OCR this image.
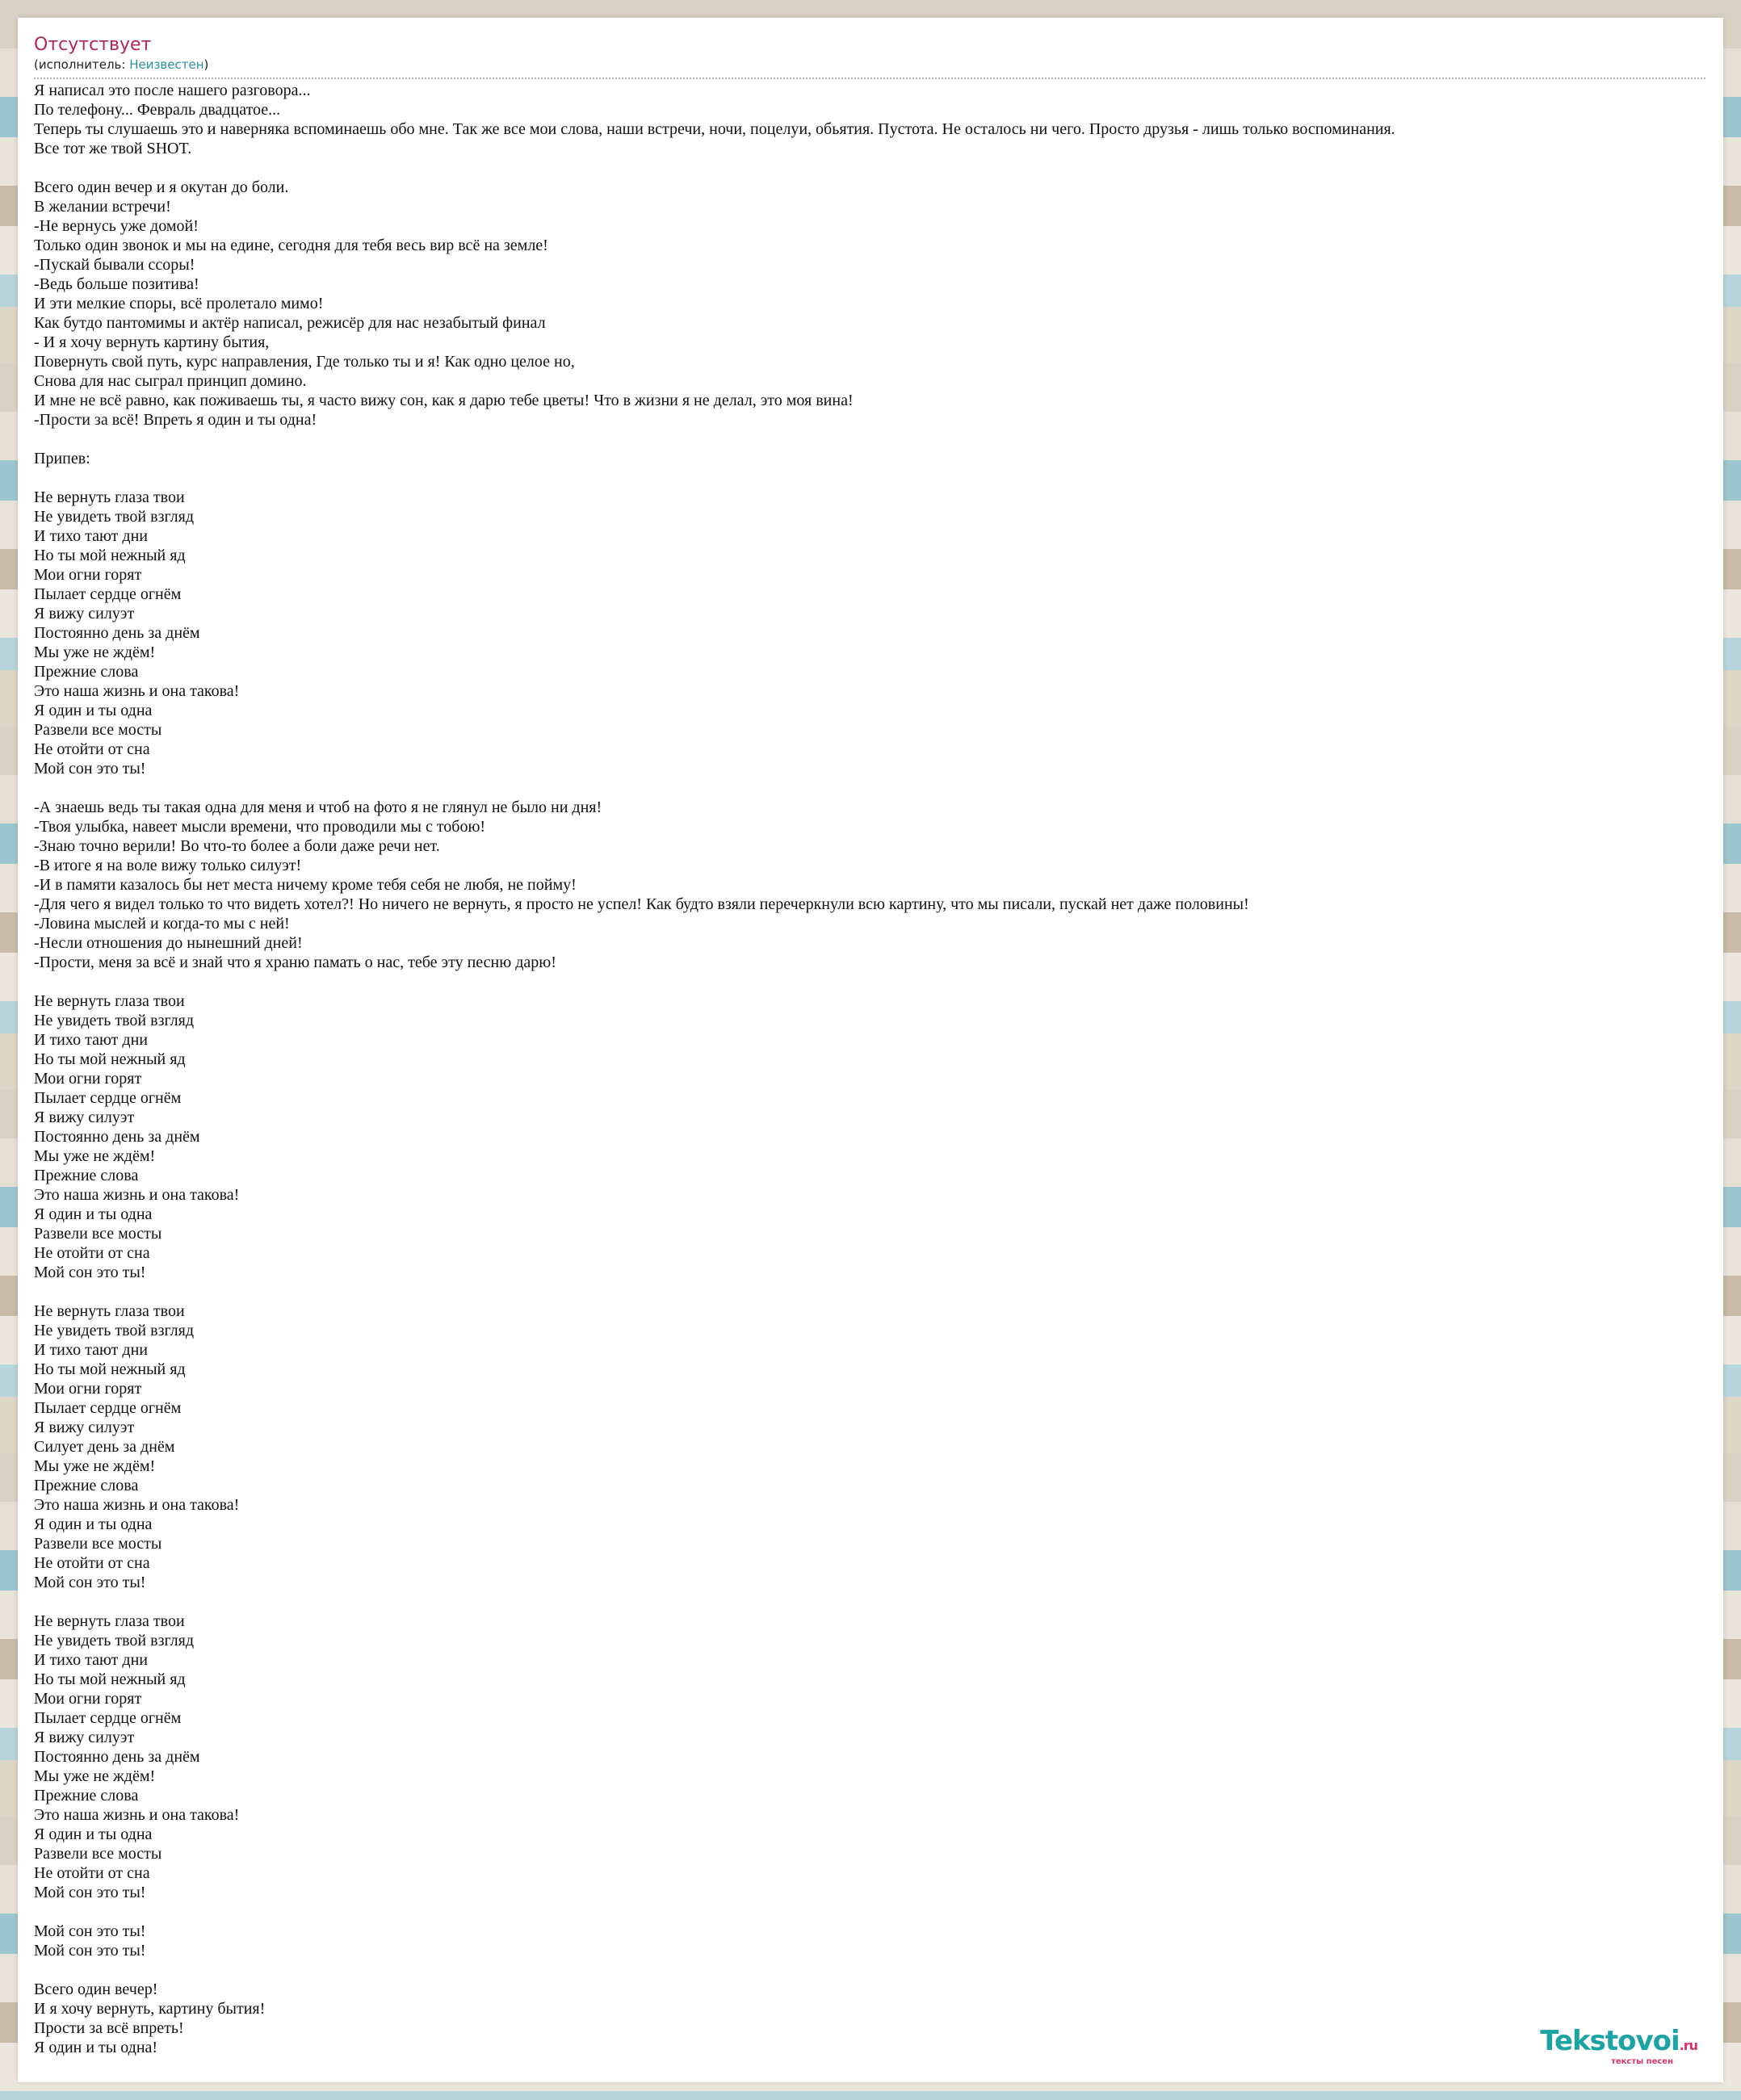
Отсутствует
(исполнитель: Неизвестен)
Я написал это после нашего разговора...
По телефону... Февраль двадцатое...
Теперь ты слушаешь это и наверняка вспоминаешь обо мне. Так же все мои слова, наши встречи, ночи, поцелуи, обьятия. Пустота. Не осталось ни чего. Просто друзья - лишь только воспоминания.
Все тот же твой SHOT.

Всего один вечер и я окутан до боли.
В желании встречи!
-Не вернусь уже домой!
Только один звонок и мы на едине, сегодня для тебя весь вир всё на земле!
-Пускай бывали ссоры!
-Ведь больше позитива!
И эти мелкие споры, всё пролетало мимо!
Как бутдо пантомимы и актёр написал, режисёр для нас незабытый финал
- И я хочу вернуть картину бытия,
Повернуть свой путь, курс направления, Где только ты и я! Как одно целое но,
Снова для нас сыграл принцип домино.
И мне не всё равно, как поживаешь ты, я часто вижу сон, как я дарю тебе цветы! Что в жизни я не делал, это моя вина!
-Прости за всё! Впреть я один и ты одна!

Припев:

Не вернуть глаза твои
Не увидеть твой взгляд
И тихо тают дни
Но ты мой нежный яд
Мои огни горят
Пылает сердце огнём
Я вижу силуэт
Постоянно день за днём
Мы уже не ждём!
Прежние слова
Это наша жизнь и она такова!
Я один и ты одна
Развели все мосты
Не отойти от сна
Мой сон это ты!

-А знаешь ведь ты такая одна для меня и чтоб на фото я не глянул не было ни дня!
-Твоя улыбка, навеет мысли времени, что проводили мы с тобою!
-Знаю точно верили! Во что-то более а боли даже речи нет.
-В итоге я на воле вижу только силуэт!
-И в памяти казалось бы нет места ничему кроме тебя себя не любя, не пойму!
-Для чего я видел только то что видеть хотел?! Но ничего не вернуть, я просто не успел! Как будто взяли перечеркнули всю картину, что мы писали, пускай нет даже половины!
-Ловина мыслей и когда-то мы с ней!
-Несли отношения до нынешний дней!
-Прости, меня за всё и знай что я храню памать о нас, тебе эту песню дарю!

Не вернуть глаза твои
Не увидеть твой взгляд
И тихо тают дни
Но ты мой нежный яд
Мои огни горят
Пылает сердце огнём
Я вижу силуэт
Постоянно день за днём
Мы уже не ждём!
Прежние слова
Это наша жизнь и она такова!
Я один и ты одна
Развели все мосты
Не отойти от сна
Мой сон это ты!

Не вернуть глаза твои
Не увидеть твой взгляд
И тихо тают дни
Но ты мой нежный яд
Мои огни горят
Пылает сердце огнём
Я вижу силуэт
Силует день за днём
Мы уже не ждём!
Прежние слова
Это наша жизнь и она такова!
Я один и ты одна
Развели все мосты
Не отойти от сна
Мой сон это ты!

Не вернуть глаза твои
Не увидеть твой взгляд
И тихо тают дни
Но ты мой нежный яд
Мои огни горят
Пылает сердце огнём
Я вижу силуэт
Постоянно день за днём
Мы уже не ждём!
Прежние слова
Это наша жизнь и она такова!
Я один и ты одна
Развели все мосты
Не отойти от сна
Мой сон это ты!

Мой сон это ты!
Мой сон это ты!

Всего один вечер!
И я хочу вернуть, картину бытия!
Прости за всё впреть!
Я один и ты одна!	Tekstovoi.ru
тексты песен
